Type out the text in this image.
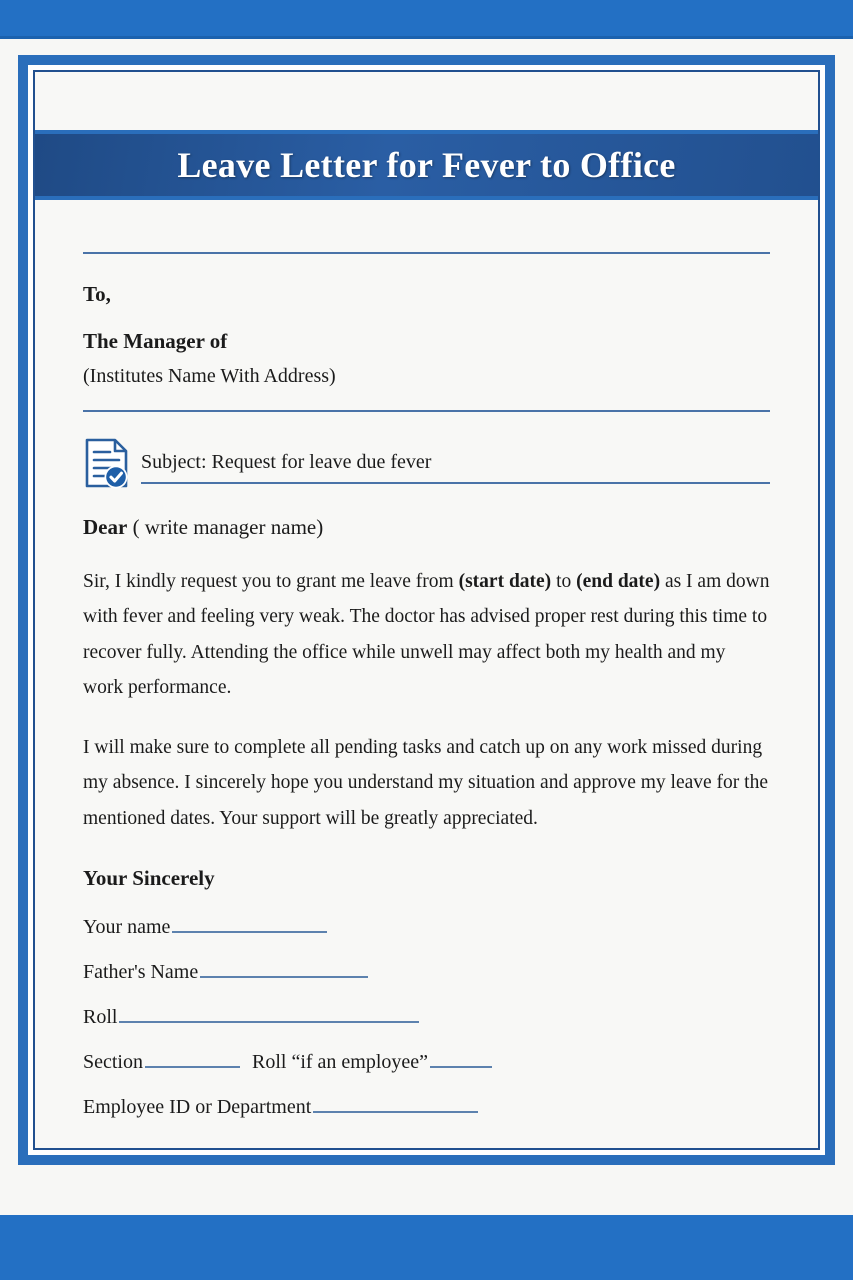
Leave Letter for Fever to Office
To,
The Manager of
(Institutes Name With Address)
Subject: Request for leave due fever
Dear ( write manager name)

Sir, I kindly request you to grant me leave from (start date) to (end date) as I am down with fever and feeling very weak. The doctor has advised proper rest during this time to recover fully. Attending the office while unwell may affect both my health and my work performance.

I will make sure to complete all pending tasks and catch up on any work missed during my absence. I sincerely hope you understand my situation and approve my leave for the mentioned dates. Your support will be greatly appreciated.

Your Sincerely
Your name
Father's Name
Roll
Section	Roll “if an employee”
Employee ID or Department
